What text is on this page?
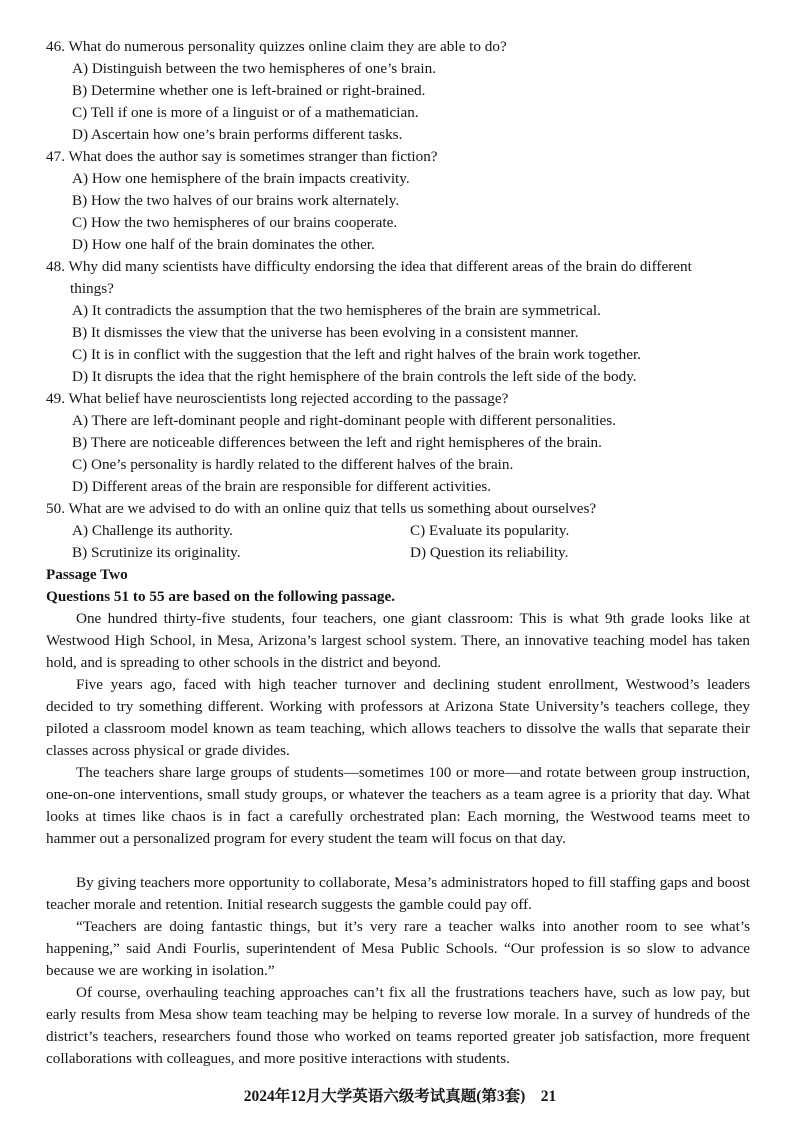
46. What do numerous personality quizzes online claim they are able to do?
A) Distinguish between the two hemispheres of one’s brain.
B) Determine whether one is left-brained or right-brained.
C) Tell if one is more of a linguist or of a mathematician.
D) Ascertain how one’s brain performs different tasks.
47. What does the author say is sometimes stranger than fiction?
A) How one hemisphere of the brain impacts creativity.
B) How the two halves of our brains work alternately.
C) How the two hemispheres of our brains cooperate.
D) How one half of the brain dominates the other.
48. Why did many scientists have difficulty endorsing the idea that different areas of the brain do different
things?
A) It contradicts the assumption that the two hemispheres of the brain are symmetrical.
B) It dismisses the view that the universe has been evolving in a consistent manner.
C) It is in conflict with the suggestion that the left and right halves of the brain work together.
D) It disrupts the idea that the right hemisphere of the brain controls the left side of the body.
49. What belief have neuroscientists long rejected according to the passage?
A) There are left-dominant people and right-dominant people with different personalities.
B) There are noticeable differences between the left and right hemispheres of the brain.
C) One’s personality is hardly related to the different halves of the brain.
D) Different areas of the brain are responsible for different activities.
50. What are we advised to do with an online quiz that tells us something about ourselves?
A) Challenge its authority.
B) Scrutinize its originality.
C) Evaluate its popularity.
D) Question its reliability.
Passage Two
Questions 51 to 55 are based on the following passage.
One hundred thirty-five students, four teachers, one giant classroom: This is what 9th grade looks like at Westwood High School, in Mesa, Arizona’s largest school system. There, an innovative teaching model has taken hold, and is spreading to other schools in the district and beyond.
Five years ago, faced with high teacher turnover and declining student enrollment, Westwood’s leaders decided to try something different. Working with professors at Arizona State University’s teachers college, they piloted a classroom model known as team teaching, which allows teachers to dissolve the walls that separate their classes across physical or grade divides.
The teachers share large groups of students—sometimes 100 or more—and rotate between group instruction, one-on-one interventions, small study groups, or whatever the teachers as a team agree is a priority that day. What looks at times like chaos is in fact a carefully orchestrated plan: Each morning, the Westwood teams meet to hammer out a personalized program for every student the team will focus on that day.
By giving teachers more opportunity to collaborate, Mesa’s administrators hoped to fill staffing gaps and boost teacher morale and retention. Initial research suggests the gamble could pay off.
“Teachers are doing fantastic things, but it’s very rare a teacher walks into another room to see what’s happening,” said Andi Fourlis, superintendent of Mesa Public Schools. “Our profession is so slow to advance because we are working in isolation.”
Of course, overhauling teaching approaches can’t fix all the frustrations teachers have, such as low pay, but early results from Mesa show team teaching may be helping to reverse low morale. In a survey of hundreds of the district’s teachers, researchers found those who worked on teams reported greater job satisfaction, more frequent collaborations with colleagues, and more positive interactions with students.
2024年12月大学英语六级考试真题(第3套)　21
